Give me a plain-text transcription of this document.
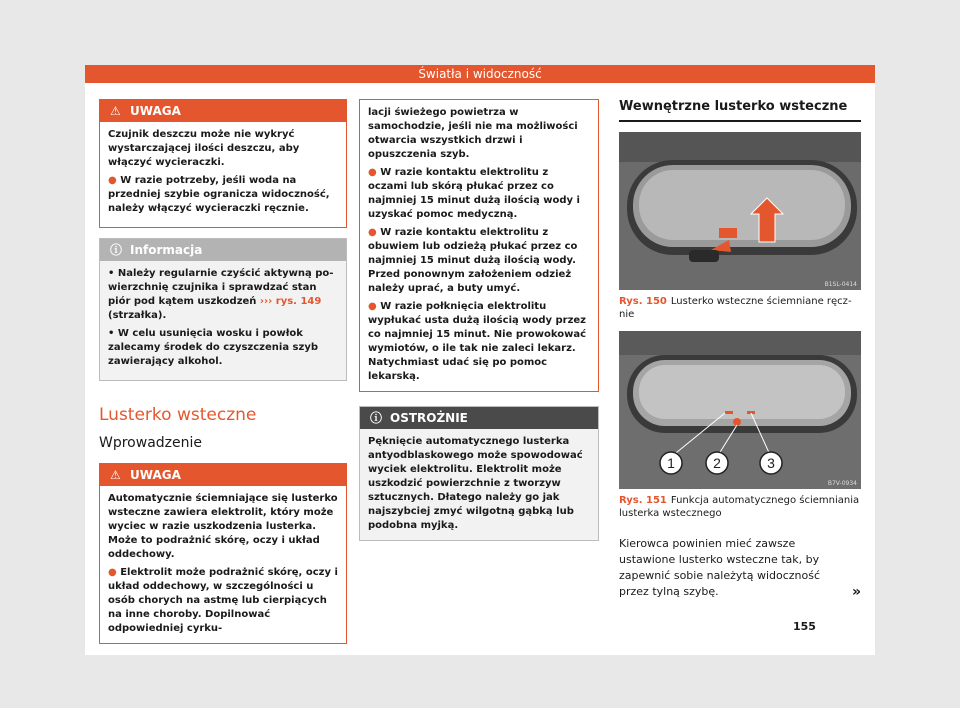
Światła i widoczność
⚠ UWAGA

Czujnik deszczu może nie wykryć wystarczającej ilości deszczu, aby włączyć wycieraczki.

● W razie potrzeby, jeśli woda na przedniej szybie ogranicza widoczność, należy włączyć wycieraczki ręcznie.

ⓘ Informacja

• Należy regularnie czyścić aktywną powierzchnię czujnika i sprawdzać stan piór pod kątem uszkodzeń ››› rys. 149 (strzałka).

• W celu usunięcia wosku i powłok zalecamy środek do czyszczenia szyb zawierający alkohol.

Lusterko wsteczne
Wprowadzenie
⚠ UWAGA

Automatycznie ściemniające się lusterko wsteczne zawiera elektrolit, który może wyciec w razie uszkodzenia lusterka. Może to podrażnić skórę, oczy i układ oddechowy.

● Elektrolit może podrażnić skórę, oczy i układ oddechowy, w szczególności u osób chorych na astmę lub cierpiących na inne choroby. Dopilnować odpowiedniej cyrku-

lacji świeżego powietrza w samochodzie, jeśli nie ma możliwości otwarcia wszystkich drzwi i opuszczenia szyb.

● W razie kontaktu elektrolitu z oczami lub skórą płukać przez co najmniej 15 minut dużą ilością wody i uzyskać pomoc medyczną.

● W razie kontaktu elektrolitu z obuwiem lub odzieżą płukać przez co najmniej 15 minut dużą ilością wody. Przed ponownym założeniem odzież należy uprać, a buty umyć.

● W razie połknięcia elektrolitu wypłukać usta dużą ilością wody przez co najmniej 15 minut. Nie prowokować wymiotów, o ile tak nie zaleci lekarz. Natychmiast udać się po pomoc lekarską.

ⓘ OSTROŻNIE

Pęknięcie automatycznego lusterka antyodblaskowego może spowodować wyciek elektrolitu. Elektrolit może uszkodzić powierzchnie z tworzyw sztucznych. Dłatego należy go jak najszybciej zmyć wilgotną gąbką lub podobna myjką.

Wewnętrzne lusterko wsteczne
B1SL-0414
Rys. 150 Lusterko wsteczne ściemniane ręcznie
1	2	3
B7V-0934
Rys. 151 Funkcja automatycznego ściemniania lusterka wstecznego
Kierowca powinien mieć zawsze ustawione lusterko wsteczne tak, by zapewnić sobie należytą widoczność przez tylną szybę.	»
155
